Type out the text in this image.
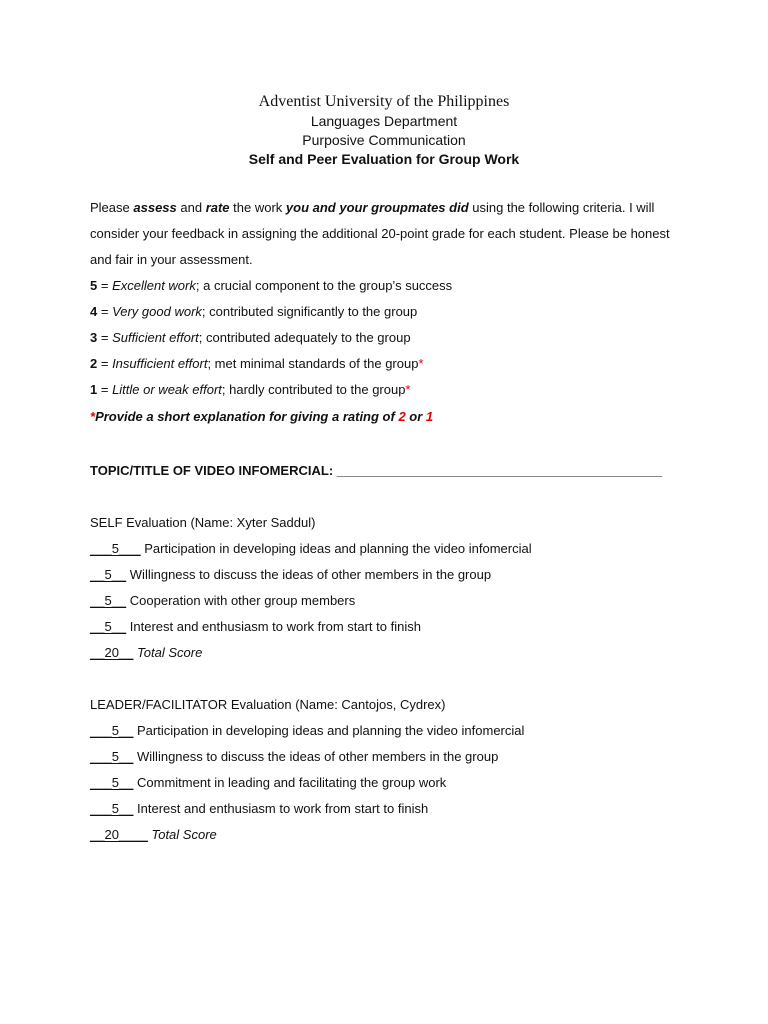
Adventist University of the Philippines
Languages Department
Purposive Communication
Self and Peer Evaluation for Group Work
Please assess and rate the work you and your groupmates did using the following criteria. I will
consider your feedback in assigning the additional 20-point grade for each student. Please be honest
and fair in your assessment.
5 = Excellent work; a crucial component to the group’s success
4 = Very good work; contributed significantly to the group
3 = Sufficient effort; contributed adequately to the group
2 = Insufficient effort; met minimal standards of the group*
1 = Little or weak effort; hardly contributed to the group*
*Provide a short explanation for giving a rating of 2 or 1
TOPIC/TITLE OF VIDEO INFOMERCIAL: _____________________________________________
SELF Evaluation (Name: Xyter Saddul)
___5___ Participation in developing ideas and planning the video infomercial
__5__ Willingness to discuss the ideas of other members in the group
__5__ Cooperation with other group members
__5__ Interest and enthusiasm to work from start to finish
__20__ Total Score
LEADER/FACILITATOR Evaluation (Name: Cantojos, Cydrex)
___5__ Participation in developing ideas and planning the video infomercial
___5__ Willingness to discuss the ideas of other members in the group
___5__ Commitment in leading and facilitating the group work
___5__ Interest and enthusiasm to work from start to finish
__20____ Total Score
